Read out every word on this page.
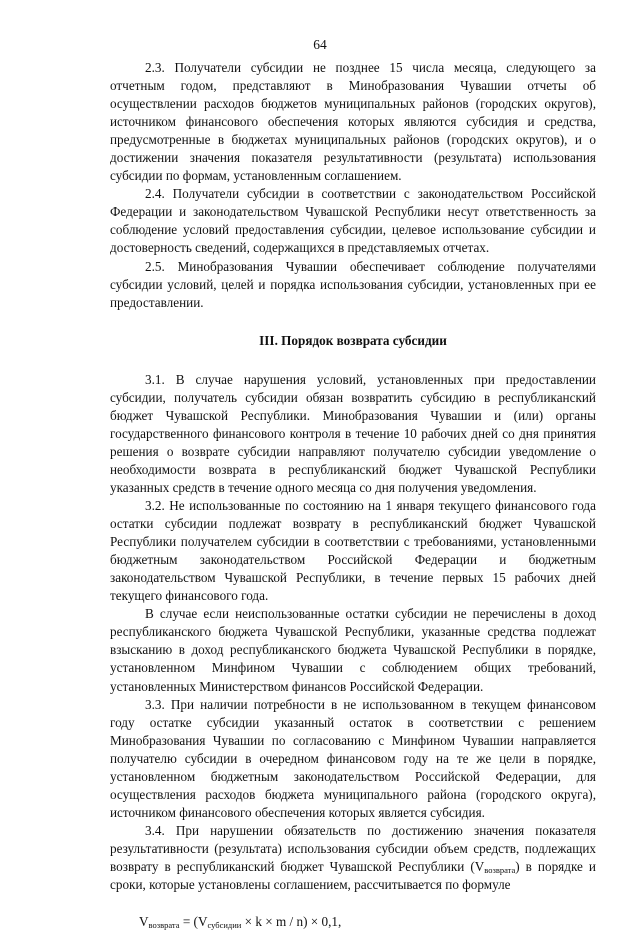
64

2.3. Получатели субсидии не позднее 15 числа месяца, следующего за отчетным годом, представляют в Минобразования Чувашии отчеты об осуществлении расходов бюджетов муниципальных районов (городских округов), источником финансового обеспечения которых являются субсидия и средства, предусмотренные в бюджетах муниципальных районов (городских округов), и о достижении значения показателя результативности (результата) использования субсидии по формам, установленным соглашением.

2.4. Получатели субсидии в соответствии с законодательством Российской Федерации и законодательством Чувашской Республики несут ответственность за соблюдение условий предоставления субсидии, целевое использование субсидии и достоверность сведений, содержащихся в представляемых отчетах.

2.5. Минобразования Чувашии обеспечивает соблюдение получателями субсидии условий, целей и порядка использования субсидии, установленных при ее предоставлении.

III. Порядок возврата субсидии

3.1. В случае нарушения условий, установленных при предоставлении субсидии, получатель субсидии обязан возвратить субсидию в республиканский бюджет Чувашской Республики. Минобразования Чувашии и (или) органы государственного финансового контроля в течение 10 рабочих дней со дня принятия решения о возврате субсидии направляют получателю субсидии уведомление о необходимости возврата в республиканский бюджет Чувашской Республики указанных средств в течение одного месяца со дня получения уведомления.

3.2. Не использованные по состоянию на 1 января текущего финансового года остатки субсидии подлежат возврату в республиканский бюджет Чувашской Республики получателем субсидии в соответствии с требованиями, установленными бюджетным законодательством Российской Федерации и бюджетным законодательством Чувашской Республики, в течение первых 15 рабочих дней текущего финансового года.

В случае если неиспользованные остатки субсидии не перечислены в доход республиканского бюджета Чувашской Республики, указанные средства подлежат взысканию в доход республиканского бюджета Чувашской Республики в порядке, установленном Минфином Чувашии с соблюдением общих требований, установленных Министерством финансов Российской Федерации.

3.3. При наличии потребности в не использованном в текущем финансовом году остатке субсидии указанный остаток в соответствии с решением Минобразования Чувашии по согласованию с Минфином Чувашии направляется получателю субсидии в очередном финансовом году на те же цели в порядке, установленном бюджетным законодательством Российской Федерации, для осуществления расходов бюджета муниципального района (городского округа), источником финансового обеспечения которых является субсидия.

3.4. При нарушении обязательств по достижению значения показателя результативности (результата) использования субсидии объем средств, подлежащих возврату в республиканский бюджет Чувашской Республики (Vвозврата) в порядке и сроки, которые установлены соглашением, рассчитывается по формуле

$V_{возврата} = (V_{субсидии} \times k \times m / n) \times 0,1$,
